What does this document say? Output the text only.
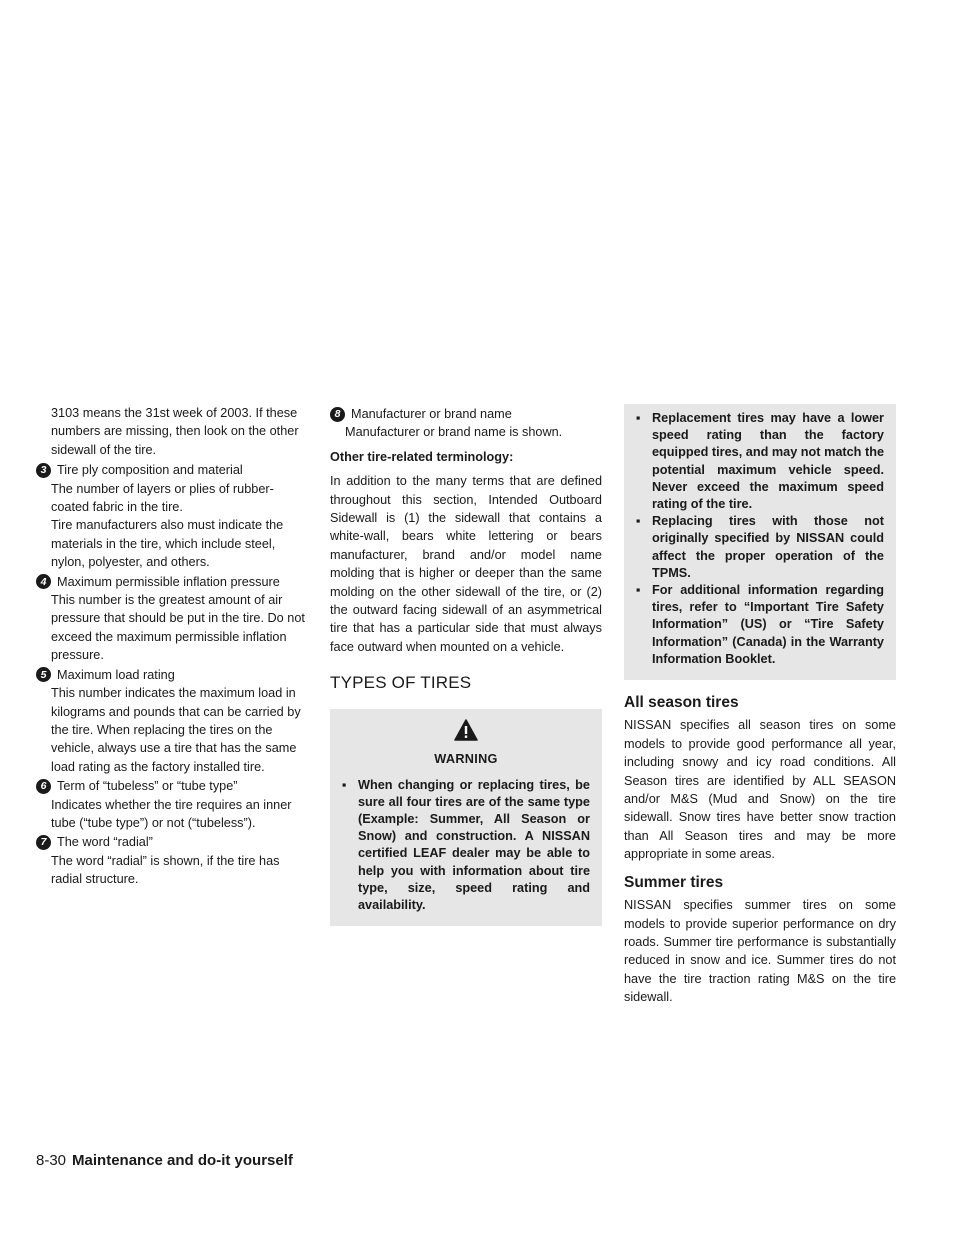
3103 means the 31st week of 2003. If these numbers are missing, then look on the other sidewall of the tire.

3 Tire ply composition and material

The number of layers or plies of rubber-coated fabric in the tire.

Tire manufacturers also must indicate the materials in the tire, which include steel, nylon, polyester, and others.

4 Maximum permissible inflation pressure

This number is the greatest amount of air pressure that should be put in the tire. Do not exceed the maximum permissible inflation pressure.

5 Maximum load rating

This number indicates the maximum load in kilograms and pounds that can be carried by the tire. When replacing the tires on the vehicle, always use a tire that has the same load rating as the factory installed tire.

6 Term of “tubeless” or “tube type”

Indicates whether the tire requires an inner tube (“tube type”) or not (“tubeless”).

7 The word “radial”

The word “radial” is shown, if the tire has radial structure.

8 Manufacturer or brand name

Manufacturer or brand name is shown.

Other tire-related terminology:

In addition to the many terms that are defined throughout this section, Intended Outboard Sidewall is (1) the sidewall that contains a white-wall, bears white lettering or bears manufacturer, brand and/or model name molding that is higher or deeper than the same molding on the other sidewall of the tire, or (2) the outward facing sidewall of an asymmetrical tire that has a particular side that must always face outward when mounted on a vehicle.

TYPES OF TIRES
WARNING
▪ When changing or replacing tires, be sure all four tires are of the same type (Example: Summer, All Season or Snow) and construction. A NISSAN certified LEAF dealer may be able to help you with information about tire type, size, speed rating and availability.
▪ Replacement tires may have a lower speed rating than the factory equipped tires, and may not match the potential maximum vehicle speed. Never exceed the maximum speed rating of the tire.
▪ Replacing tires with those not originally specified by NISSAN could affect the proper operation of the TPMS.
▪ For additional information regarding tires, refer to “Important Tire Safety Information” (US) or “Tire Safety Information” (Canada) in the Warranty Information Booklet.
All season tires

NISSAN specifies all season tires on some models to provide good performance all year, including snowy and icy road conditions. All Season tires are identified by ALL SEASON and/or M&S (Mud and Snow) on the tire sidewall. Snow tires have better snow traction than All Season tires and may be more appropriate in some areas.

Summer tires

NISSAN specifies summer tires on some models to provide superior performance on dry roads. Summer tire performance is substantially reduced in snow and ice. Summer tires do not have the tire traction rating M&S on the tire sidewall.

8-30 Maintenance and do-it yourself
